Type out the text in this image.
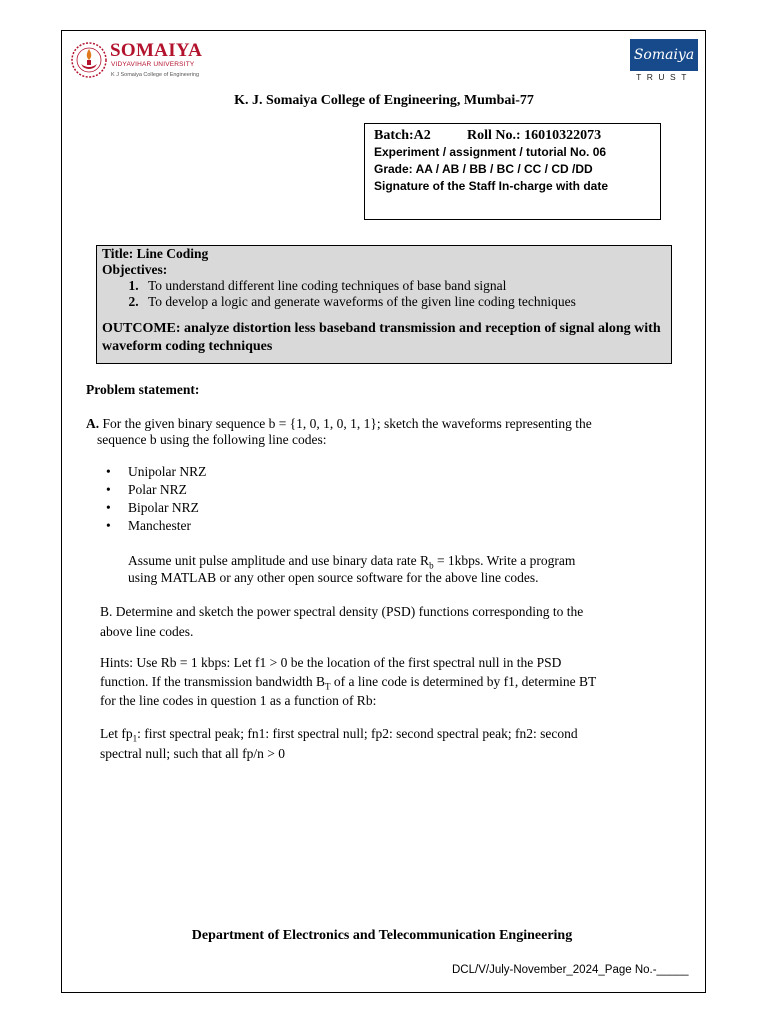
SOMAIYA
VIDYAVIHAR UNIVERSITY
K J Somaiya College of Engineering
Somaiya
TRUST
K. J. Somaiya College of Engineering, Mumbai-77
Batch:A2	Roll No.: 16010322073
Experiment / assignment / tutorial No. 06
Grade: AA / AB / BB / BC / CC / CD /DD
Signature of the Staff In-charge with date
Title: Line Coding
Objectives:
1. To understand different line coding techniques of base band signal
2. To develop a logic and generate waveforms of the given line coding techniques
OUTCOME: analyze distortion less baseband transmission and reception of signal along with waveform coding techniques
Problem statement:
A. For the given binary sequence b = {1, 0, 1, 0, 1, 1}; sketch the waveforms representing the
sequence b using the following line codes:
• Unipolar NRZ
• Polar NRZ
• Bipolar NRZ
• Manchester
Assume unit pulse amplitude and use binary data rate $R_b$ = 1kbps. Write a program
using MATLAB or any other open source software for the above line codes.
B. Determine and sketch the power spectral density (PSD) functions corresponding to the
above line codes.
Hints: Use Rb = 1 kbps: Let f1 > 0 be the location of the first spectral null in the PSD
function. If the transmission bandwidth $B_T$ of a line code is determined by f1, determine BT
for the line codes in question 1 as a function of Rb:
Let $fp_1$: first spectral peak; fn1: first spectral null; fp2: second spectral peak; fn2: second
spectral null; such that all fp/n > 0
Department of Electronics and Telecommunication Engineering
DCL/V/July-November_2024_Page No.-_____
